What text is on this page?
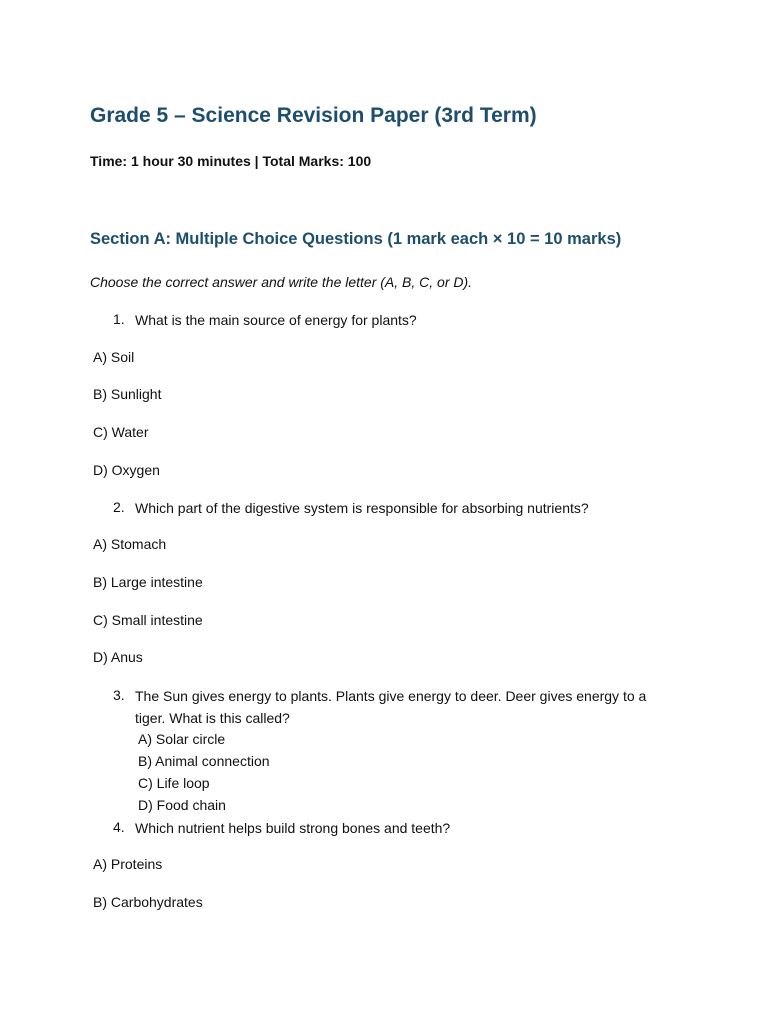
Grade 5 – Science Revision Paper (3rd Term)
Time: 1 hour 30 minutes | Total Marks: 100
Section A: Multiple Choice Questions (1 mark each × 10 = 10 marks)
Choose the correct answer and write the letter (A, B, C, or D).
1. What is the main source of energy for plants?
A) Soil
B) Sunlight
C) Water
D) Oxygen
2. Which part of the digestive system is responsible for absorbing nutrients?
A) Stomach
B) Large intestine
C) Small intestine
D) Anus
3. The Sun gives energy to plants. Plants give energy to deer. Deer gives energy to a
tiger. What is this called?
A) Solar circle
B) Animal connection
C) Life loop
D) Food chain
4. Which nutrient helps build strong bones and teeth?
A) Proteins
B) Carbohydrates
